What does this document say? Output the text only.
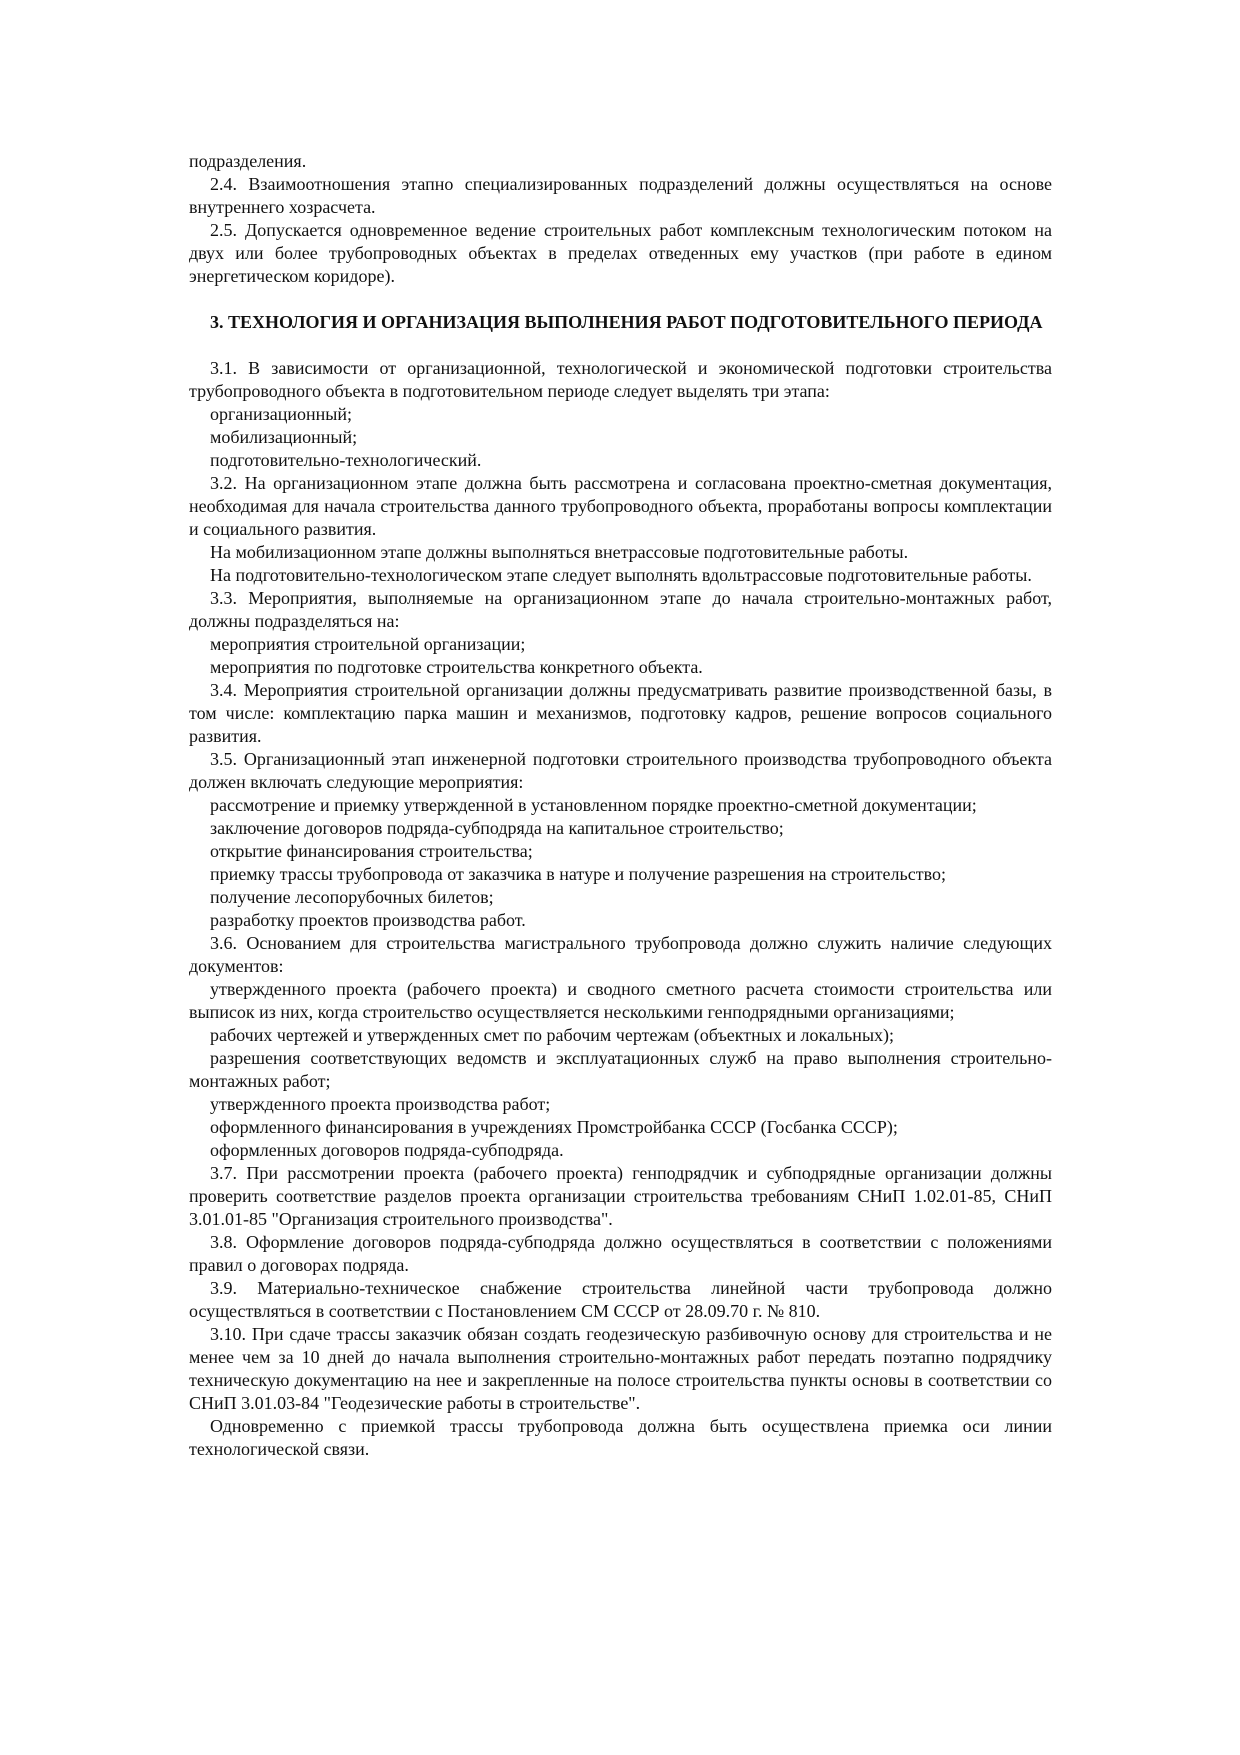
подразделения.

2.4. Взаимоотношения этапно специализированных подразделений должны осуществляться на основе внутреннего хозрасчета.

2.5. Допускается одновременное ведение строительных работ комплексным технологическим потоком на двух или более трубопроводных объектах в пределах отведенных ему участков (при работе в едином энергетическом коридоре).

3. ТЕХНОЛОГИЯ И ОРГАНИЗАЦИЯ ВЫПОЛНЕНИЯ РАБОТ ПОДГОТОВИТЕЛЬНОГО ПЕРИОДА

3.1. В зависимости от организационной, технологической и экономической подготовки строительства трубопроводного объекта в подготовительном периоде следует выделять три этапа:

организационный;

мобилизационный;

подготовительно-технологический.

3.2. На организационном этапе должна быть рассмотрена и согласована проектно-сметная документация, необходимая для начала строительства данного трубопроводного объекта, проработаны вопросы комплектации и социального развития.

На мобилизационном этапе должны выполняться внетрассовые подготовительные работы.

На подготовительно-технологическом этапе следует выполнять вдольтрассовые подготовительные работы.

3.3. Мероприятия, выполняемые на организационном этапе до начала строительно-монтажных работ, должны подразделяться на:

мероприятия строительной организации;

мероприятия по подготовке строительства конкретного объекта.

3.4. Мероприятия строительной организации должны предусматривать развитие производственной базы, в том числе: комплектацию парка машин и механизмов, подготовку кадров, решение вопросов социального развития.

3.5. Организационный этап инженерной подготовки строительного производства трубопроводного объекта должен включать следующие мероприятия:

рассмотрение и приемку утвержденной в установленном порядке проектно-сметной документации;

заключение договоров подряда-субподряда на капитальное строительство;

открытие финансирования строительства;

приемку трассы трубопровода от заказчика в натуре и получение разрешения на строительство;

получение лесопорубочных билетов;

разработку проектов производства работ.

3.6. Основанием для строительства магистрального трубопровода должно служить наличие следующих документов:

утвержденного проекта (рабочего проекта) и сводного сметного расчета стоимости строительства или выписок из них, когда строительство осуществляется несколькими генподрядными организациями;

рабочих чертежей и утвержденных смет по рабочим чертежам (объектных и локальных);

разрешения соответствующих ведомств и эксплуатационных служб на право выполнения строительно-монтажных работ;

утвержденного проекта производства работ;

оформленного финансирования в учреждениях Промстройбанка СССР (Госбанка СССР);

оформленных договоров подряда-субподряда.

3.7. При рассмотрении проекта (рабочего проекта) генподрядчик и субподрядные организации должны проверить соответствие разделов проекта организации строительства требованиям СНиП 1.02.01-85, СНиП 3.01.01-85 "Организация строительного производства".

3.8. Оформление договоров подряда-субподряда должно осуществляться в соответствии с положениями правил о договорах подряда.

3.9. Материально-техническое снабжение строительства линейной части трубопровода должно осуществляться в соответствии с Постановлением СМ СССР от 28.09.70 г. № 810.

3.10. При сдаче трассы заказчик обязан создать геодезическую разбивочную основу для строительства и не менее чем за 10 дней до начала выполнения строительно-монтажных работ передать поэтапно подрядчику техническую документацию на нее и закрепленные на полосе строительства пункты основы в соответствии со СНиП 3.01.03-84 "Геодезические работы в строительстве".

Одновременно с приемкой трассы трубопровода должна быть осуществлена приемка оси линии технологической связи.
